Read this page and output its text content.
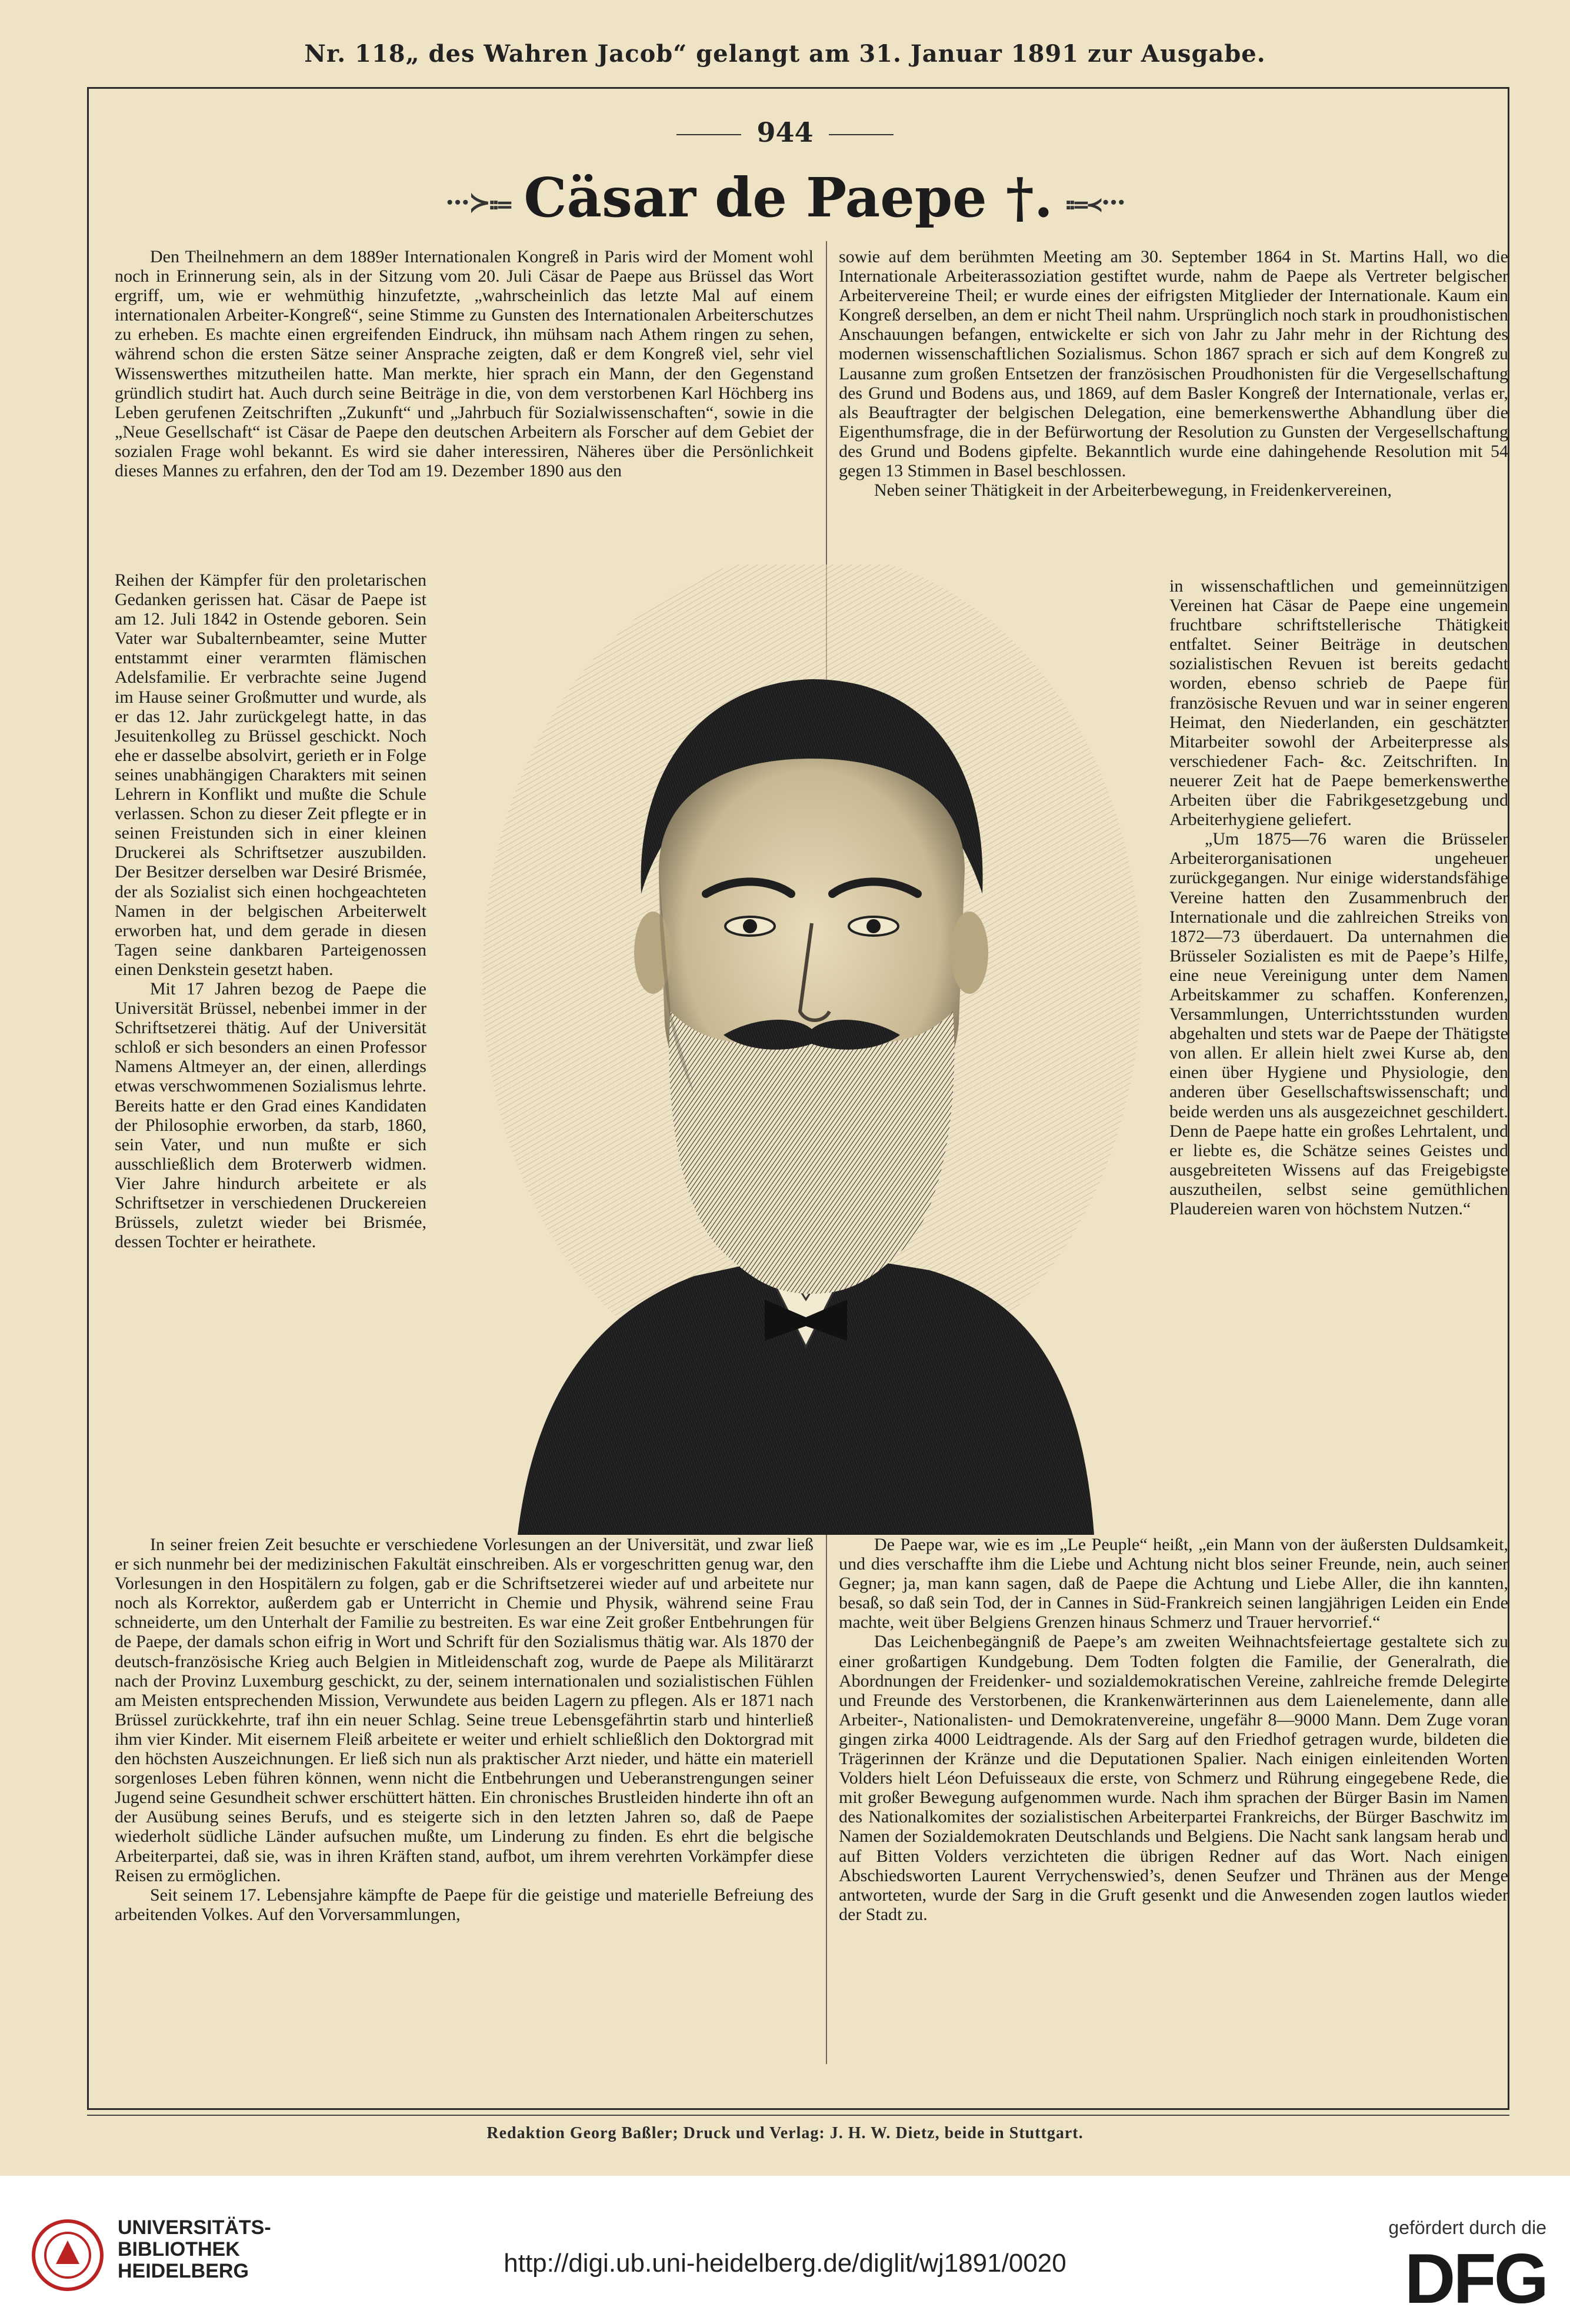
Nr. 118„ des Wahren Jacob“ gelangt am 31. Januar 1891 zur Ausgabe.
944
···≻⩴ Cäsar de Paepe †. ⩴≺···

Den Theilnehmern an dem 1889er Internationalen Kongreß in Paris wird der Moment wohl noch in Erinnerung sein, als in der Sitzung vom 20. Juli Cäsar de Paepe aus Brüssel das Wort ergriff, um, wie er wehmüthig hinzufetzte, „wahrscheinlich das letzte Mal auf einem internationalen Arbeiter-Kongreß“, seine Stimme zu Gunsten des Internationalen Arbeiterschutzes zu erheben. Es machte einen ergreifenden Eindruck, ihn mühsam nach Athem ringen zu sehen, während schon die ersten Sätze seiner Ansprache zeigten, daß er dem Kongreß viel, sehr viel Wissenswerthes mitzutheilen hatte. Man merkte, hier sprach ein Mann, der den Gegenstand gründlich studirt hat. Auch durch seine Beiträge in die, von dem verstorbenen Karl Höchberg ins Leben gerufenen Zeitschriften „Zukunft“ und „Jahrbuch für Sozialwissenschaften“, sowie in die „Neue Gesellschaft“ ist Cäsar de Paepe den deutschen Arbeitern als Forscher auf dem Gebiet der sozialen Frage wohl bekannt. Es wird sie daher interessiren, Näheres über die Persönlichkeit dieses Mannes zu erfahren, den der Tod am 19. Dezember 1890 aus den

Reihen der Kämpfer für den proletarischen Gedanken gerissen hat. Cäsar de Paepe ist am 12. Juli 1842 in Ostende geboren. Sein Vater war Subalternbeamter, seine Mutter entstammt einer verarmten flämischen Adelsfamilie. Er verbrachte seine Jugend im Hause seiner Großmutter und wurde, als er das 12. Jahr zurückgelegt hatte, in das Jesuitenkolleg zu Brüssel geschickt. Noch ehe er dasselbe absolvirt, gerieth er in Folge seines unabhängigen Charakters mit seinen Lehrern in Konflikt und mußte die Schule verlassen. Schon zu dieser Zeit pflegte er in seinen Freistunden sich in einer kleinen Druckerei als Schriftsetzer auszubilden. Der Besitzer derselben war Desiré Brismée, der als Sozialist sich einen hochgeachteten Namen in der belgischen Arbeiterwelt erworben hat, und dem gerade in diesen Tagen seine dankbaren Parteigenossen einen Denkstein gesetzt haben.

Mit 17 Jahren bezog de Paepe die Universität Brüssel, nebenbei immer in der Schriftsetzerei thätig. Auf der Universität schloß er sich besonders an einen Professor Namens Altmeyer an, der einen, allerdings etwas verschwommenen Sozialismus lehrte. Bereits hatte er den Grad eines Kandidaten der Philosophie erworben, da starb, 1860, sein Vater, und nun mußte er sich ausschließlich dem Broterwerb widmen. Vier Jahre hindurch arbeitete er als Schriftsetzer in verschiedenen Druckereien Brüssels, zuletzt wieder bei Brismée, dessen Tochter er heirathete.

In seiner freien Zeit besuchte er verschiedene Vorlesungen an der Universität, und zwar ließ er sich nunmehr bei der medizinischen Fakultät einschreiben. Als er vorgeschritten genug war, den Vorlesungen in den Hospitälern zu folgen, gab er die Schriftsetzerei wieder auf und arbeitete nur noch als Korrektor, außerdem gab er Unterricht in Chemie und Physik, während seine Frau schneiderte, um den Unterhalt der Familie zu bestreiten. Es war eine Zeit großer Entbehrungen für de Paepe, der damals schon eifrig in Wort und Schrift für den Sozialismus thätig war. Als 1870 der deutsch-französische Krieg auch Belgien in Mitleidenschaft zog, wurde de Paepe als Militärarzt nach der Provinz Luxemburg geschickt, zu der, seinem internationalen und sozialistischen Fühlen am Meisten entsprechenden Mission, Verwundete aus beiden Lagern zu pflegen. Als er 1871 nach Brüssel zurückkehrte, traf ihn ein neuer Schlag. Seine treue Lebensgefährtin starb und hinterließ ihm vier Kinder. Mit eisernem Fleiß arbeitete er weiter und erhielt schließlich den Doktorgrad mit den höchsten Auszeichnungen. Er ließ sich nun als praktischer Arzt nieder, und hätte ein materiell sorgenloses Leben führen können, wenn nicht die Entbehrungen und Ueberanstrengungen seiner Jugend seine Gesundheit schwer erschüttert hätten. Ein chronisches Brustleiden hinderte ihn oft an der Ausübung seines Berufs, und es steigerte sich in den letzten Jahren so, daß de Paepe wiederholt südliche Länder aufsuchen mußte, um Linderung zu finden. Es ehrt die belgische Arbeiterpartei, daß sie, was in ihren Kräften stand, aufbot, um ihrem verehrten Vorkämpfer diese Reisen zu ermöglichen.

Seit seinem 17. Lebensjahre kämpfte de Paepe für die geistige und materielle Befreiung des arbeitenden Volkes. Auf den Vorversammlungen,

sowie auf dem berühmten Meeting am 30. September 1864 in St. Martins Hall, wo die Internationale Arbeiterassoziation gestiftet wurde, nahm de Paepe als Vertreter belgischer Arbeitervereine Theil; er wurde eines der eifrigsten Mitglieder der Internationale. Kaum ein Kongreß derselben, an dem er nicht Theil nahm. Ursprünglich noch stark in proudhonistischen Anschauungen befangen, entwickelte er sich von Jahr zu Jahr mehr in der Richtung des modernen wissenschaftlichen Sozialismus. Schon 1867 sprach er sich auf dem Kongreß zu Lausanne zum großen Entsetzen der französischen Proudhonisten für die Vergesellschaftung des Grund und Bodens aus, und 1869, auf dem Basler Kongreß der Internationale, verlas er, als Beauftragter der belgischen Delegation, eine bemerkenswerthe Abhandlung über die Eigenthumsfrage, die in der Befürwortung der Resolution zu Gunsten der Vergesellschaftung des Grund und Bodens gipfelte. Bekanntlich wurde eine dahingehende Resolution mit 54 gegen 13 Stimmen in Basel beschlossen.

Neben seiner Thätigkeit in der Arbeiterbewegung, in Freidenkervereinen,

in wissenschaftlichen und gemeinnützigen Vereinen hat Cäsar de Paepe eine ungemein fruchtbare schriftstellerische Thätigkeit entfaltet. Seiner Beiträge in deutschen sozialistischen Revuen ist bereits gedacht worden, ebenso schrieb de Paepe für französische Revuen und war in seiner engeren Heimat, den Niederlanden, ein geschätzter Mitarbeiter sowohl der Arbeiterpresse als verschiedener Fach- &c. Zeitschriften. In neuerer Zeit hat de Paepe bemerkenswerthe Arbeiten über die Fabrikgesetzgebung und Arbeiterhygiene geliefert.

„Um 1875—76 waren die Brüsseler Arbeiterorganisationen ungeheuer zurückgegangen. Nur einige widerstandsfähige Vereine hatten den Zusammenbruch der Internationale und die zahlreichen Streiks von 1872—73 überdauert. Da unternahmen die Brüsseler Sozialisten es mit de Paepe’s Hilfe, eine neue Vereinigung unter dem Namen Arbeitskammer zu schaffen. Konferenzen, Versammlungen, Unterrichtsstunden wurden abgehalten und stets war de Paepe der Thätigste von allen. Er allein hielt zwei Kurse ab, den einen über Hygiene und Physiologie, den anderen über Gesellschaftswissenschaft; und beide werden uns als ausgezeichnet geschildert. Denn de Paepe hatte ein großes Lehrtalent, und er liebte es, die Schätze seines Geistes und ausgebreiteten Wissens auf das Freigebigste auszutheilen, selbst seine gemüthlichen Plaudereien waren von höchstem Nutzen.“

De Paepe war, wie es im „Le Peuple“ heißt, „ein Mann von der äußersten Duldsamkeit, und dies verschaffte ihm die Liebe und Achtung nicht blos seiner Freunde, nein, auch seiner Gegner; ja, man kann sagen, daß de Paepe die Achtung und Liebe Aller, die ihn kannten, besaß, so daß sein Tod, der in Cannes in Süd-Frankreich seinen langjährigen Leiden ein Ende machte, weit über Belgiens Grenzen hinaus Schmerz und Trauer hervorrief.“

Das Leichenbegängniß de Paepe’s am zweiten Weihnachtsfeiertage gestaltete sich zu einer großartigen Kundgebung. Dem Todten folgten die Familie, der Generalrath, die Abordnungen der Freidenker- und sozialdemokratischen Vereine, zahlreiche fremde Delegirte und Freunde des Verstorbenen, die Krankenwärterinnen aus dem Laienelemente, dann alle Arbeiter-, Nationalisten- und Demokratenvereine, ungefähr 8—9000 Mann. Dem Zuge voran gingen zirka 4000 Leidtragende. Als der Sarg auf den Friedhof getragen wurde, bildeten die Trägerinnen der Kränze und die Deputationen Spalier. Nach einigen einleitenden Worten Volders hielt Léon Defuisseaux die erste, von Schmerz und Rührung eingegebene Rede, die mit großer Bewegung aufgenommen wurde. Nach ihm sprachen der Bürger Basin im Namen des Nationalkomites der sozialistischen Arbeiterpartei Frankreichs, der Bürger Baschwitz im Namen der Sozialdemokraten Deutschlands und Belgiens. Die Nacht sank langsam herab und auf Bitten Volders verzichteten die übrigen Redner auf das Wort. Nach einigen Abschiedsworten Laurent Verrychenswied’s, denen Seufzer und Thränen aus der Menge antworteten, wurde der Sarg in die Gruft gesenkt und die Anwesenden zogen lautlos wieder der Stadt zu.

Redaktion Georg Baßler; Druck und Verlag: J. H. W. Dietz, beide in Stuttgart.
UNIVERSITÄTS-
BIBLIOTHEK
HEIDELBERG	http://digi.ub.uni-heidelberg.de/diglit/wj1891/0020
gefördert durch die
DFG
